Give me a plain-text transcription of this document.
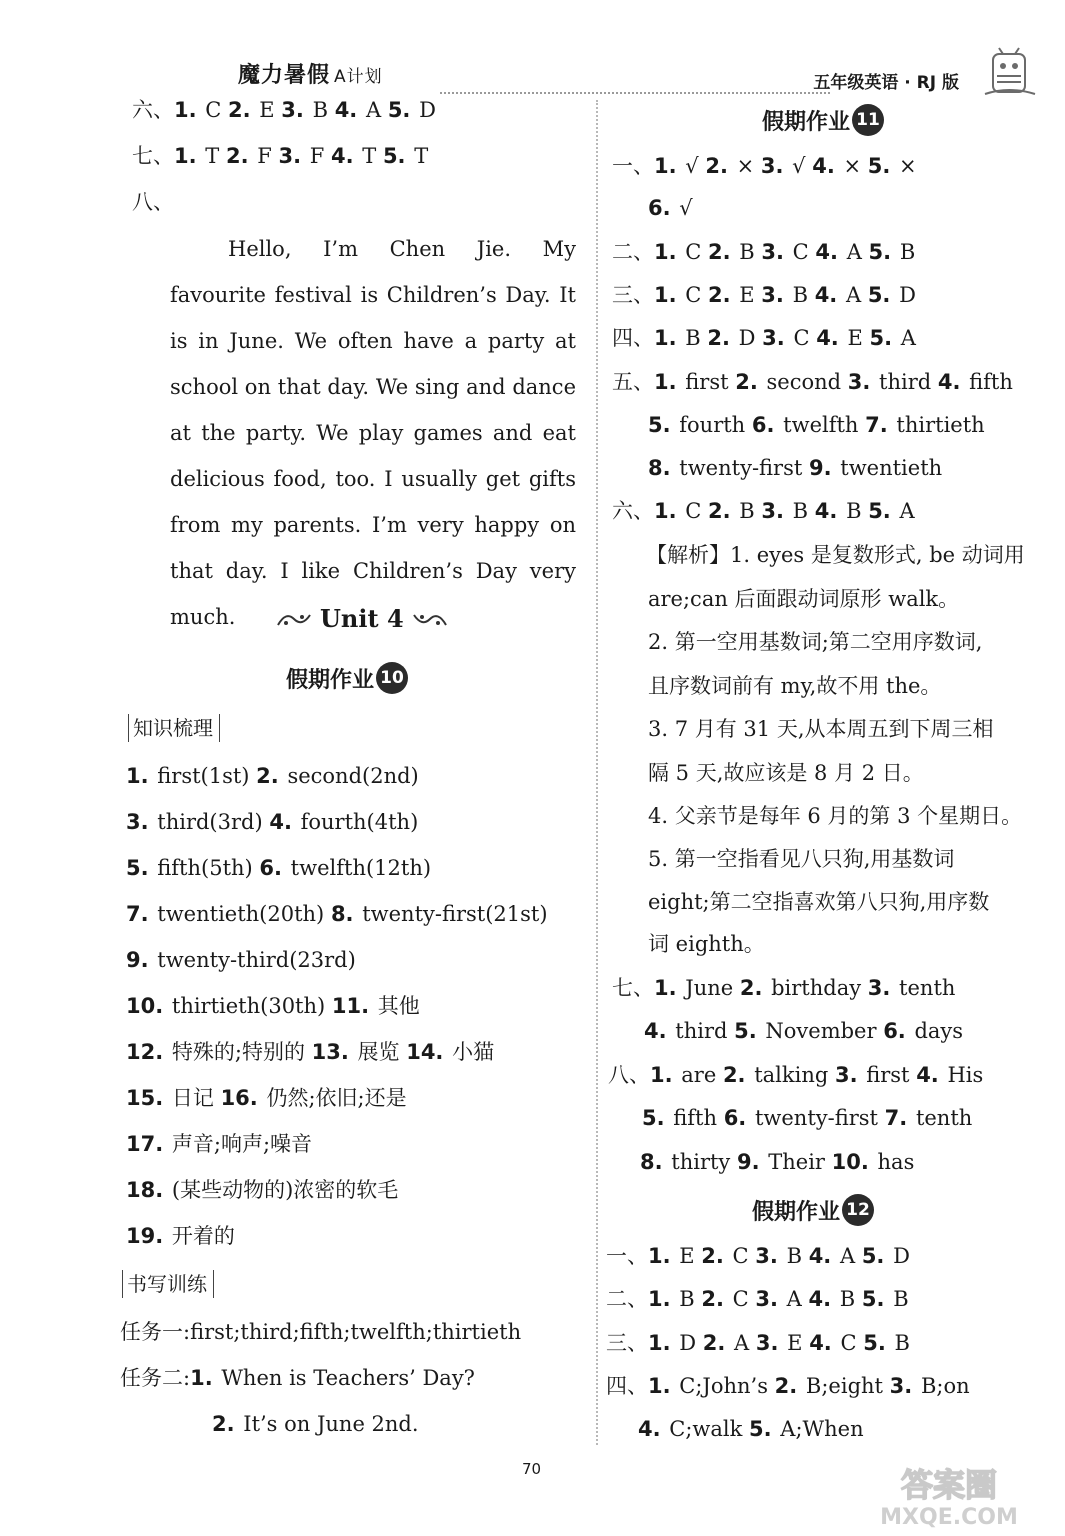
魔力暑假 A计划	五年级英语 · RJ 版
六、1. C 2. E 3. B 4. A 5. D
七、1. T 2. F 3. F 4. T 5. T
八、

Hello, I’m Chen Jie. My favourite festival is Children’s Day. It is in June. We often have a party at school on that day. We sing and dance at the party. We play games and eat delicious food, too. I usually get gifts from my parents. I’m very happy on that day. I like Children’s Day very much.	Unit 4
假期作业 10
知识梳理
1. first(1st) 2. second(2nd)
3. third(3rd) 4. fourth(4th)
5. fifth(5th) 6. twelfth(12th)
7. twentieth(20th) 8. twenty-first(21st)
9. twenty-third(23rd)
10. thirtieth(30th) 11. 其他
12. 特殊的;特别的 13. 展览 14. 小猫
15. 日记 16. 仍然;依旧;还是
17. 声音;响声;噪音
18. (某些动物的)浓密的软毛
19. 开着的
书写训练
任务一:first;third;fifth;twelfth;thirtieth
任务二:1. When is Teachers’ Day?
2. It’s on June 2nd.
假期作业 11
一、1. √ 2. × 3. √ 4. × 5. ×
6. √
二、1. C 2. B 3. C 4. A 5. B
三、1. C 2. E 3. B 4. A 5. D
四、1. B 2. D 3. C 4. E 5. A
五、1. first 2. second 3. third 4. fifth
5. fourth 6. twelfth 7. thirtieth
8. twenty-first 9. twentieth
六、1. C 2. B 3. B 4. B 5. A
【解析】1. eyes 是复数形式, be 动词用
are;can 后面跟动词原形 walk。
2. 第一空用基数词;第二空用序数词,
且序数词前有 my,故不用 the。
3. 7 月有 31 天,从本周五到下周三相
隔 5 天,故应该是 8 月 2 日。
4. 父亲节是每年 6 月的第 3 个星期日。
5. 第一空指看见八只狗,用基数词
eight;第二空指喜欢第八只狗,用序数
词 eighth。
七、1. June 2. birthday 3. tenth
4. third 5. November 6. days
八、1. are 2. talking 3. first 4. His
5. fifth 6. twenty-first 7. tenth
8. thirty 9. Their 10. has
假期作业 12
一、1. E 2. C 3. B 4. A 5. D
二、1. B 2. C 3. A 4. B 5. B
三、1. D 2. A 3. E 4. C 5. B
四、1. C;John’s 2. B;eight 3. B;on
4. C;walk 5. A;When
70	答案圈
MXQE.COM
